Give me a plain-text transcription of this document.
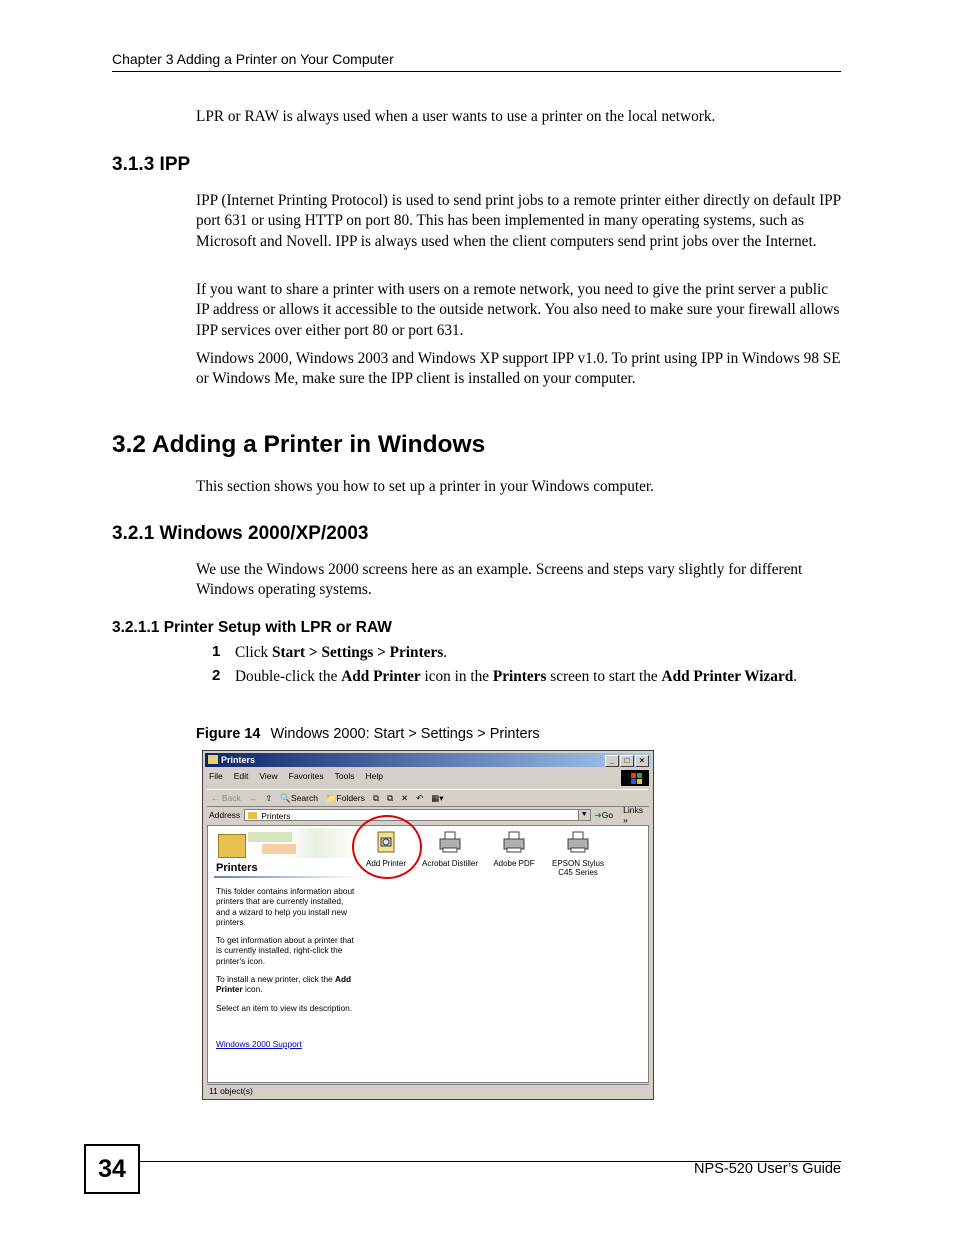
Chapter 3 Adding a Printer on Your Computer

LPR or RAW is always used when a user wants to use a printer on the local network.

3.1.3 IPP

IPP (Internet Printing Protocol) is used to send print jobs to a remote printer either directly on default IPP port 631 or using HTTP on port 80. This has been implemented in many operating systems, such as Microsoft and Novell. IPP is always used when the client computers send print jobs over the Internet.

If you want to share a printer with users on a remote network, you need to give the print server a public IP address or allows it accessible to the outside network. You also need to make sure your firewall allows IPP services over either port 80 or port 631.

Windows 2000, Windows 2003 and Windows XP support IPP v1.0. To print using IPP in Windows 98 SE or Windows Me, make sure the IPP client is installed on your computer.

3.2 Adding a Printer in Windows

This section shows you how to set up a printer in your Windows computer.

3.2.1 Windows 2000/XP/2003

We use the Windows 2000 screens here as an example. Screens and steps vary slightly for different Windows operating systems.

3.2.1.1 Printer Setup with LPR or RAW
1 Click Start > Settings > Printers.
2 Double-click the Add Printer icon in the Printers screen to start the Add Printer Wizard.
Figure 14 Windows 2000: Start > Settings > Printers
Printers	_	□	×
File Edit View Favorites Tools Help
← Back → ⇧ 🔍Search 📁Folders ⧉ ⧉ ✕ ↶ ▦▾
Address	Printers	▼ ➜Go Links »
Printers

This folder contains information about printers that are currently installed, and a wizard to help you install new printers.

To get information about a printer that is currently installed, right-click the printer's icon.

To install a new printer, click the Add Printer icon.

Select an item to view its description.

Windows 2000 Support
Add Printer	Acrobat Distiller	Adobe PDF	EPSON Stylus C45 Series
11 object(s)
34	NPS-520 User’s Guide
